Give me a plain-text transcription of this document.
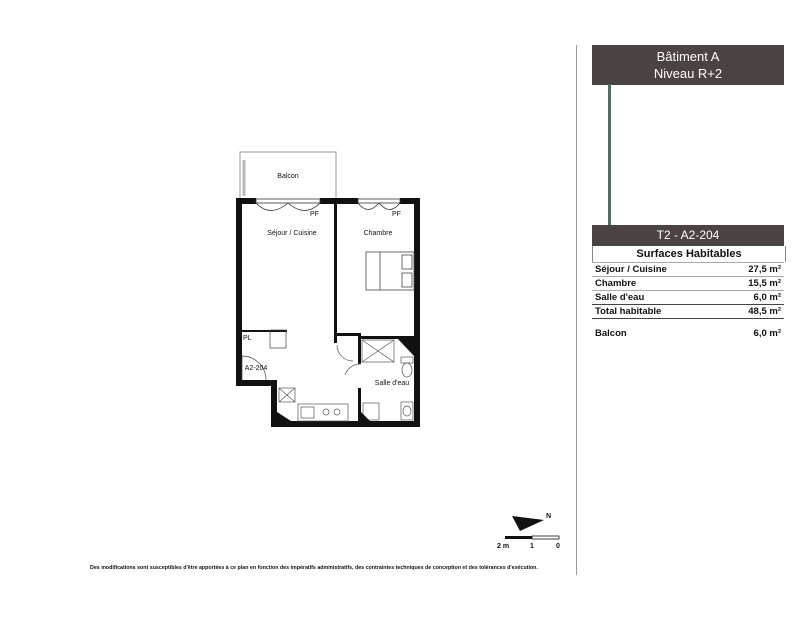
Balcon
PF	PF
Séjour / Cuisine	Chambre
Salle d'eau
PL
A2-204
N
2 m	1	0
Des modifications sont susceptibles d'être apportées à ce plan en fonction des impératifs administratifs, des contraintes techniques de conception et des tolérances d'exécution.
Bâtiment A
Niveau R+2
T2 - A2-204
Surfaces Habitables
Séjour / Cuisine	27,5 m²
Chambre	15,5 m²
Salle d'eau	6,0 m²
Total habitable	48,5 m²
Balcon	6,0 m²
